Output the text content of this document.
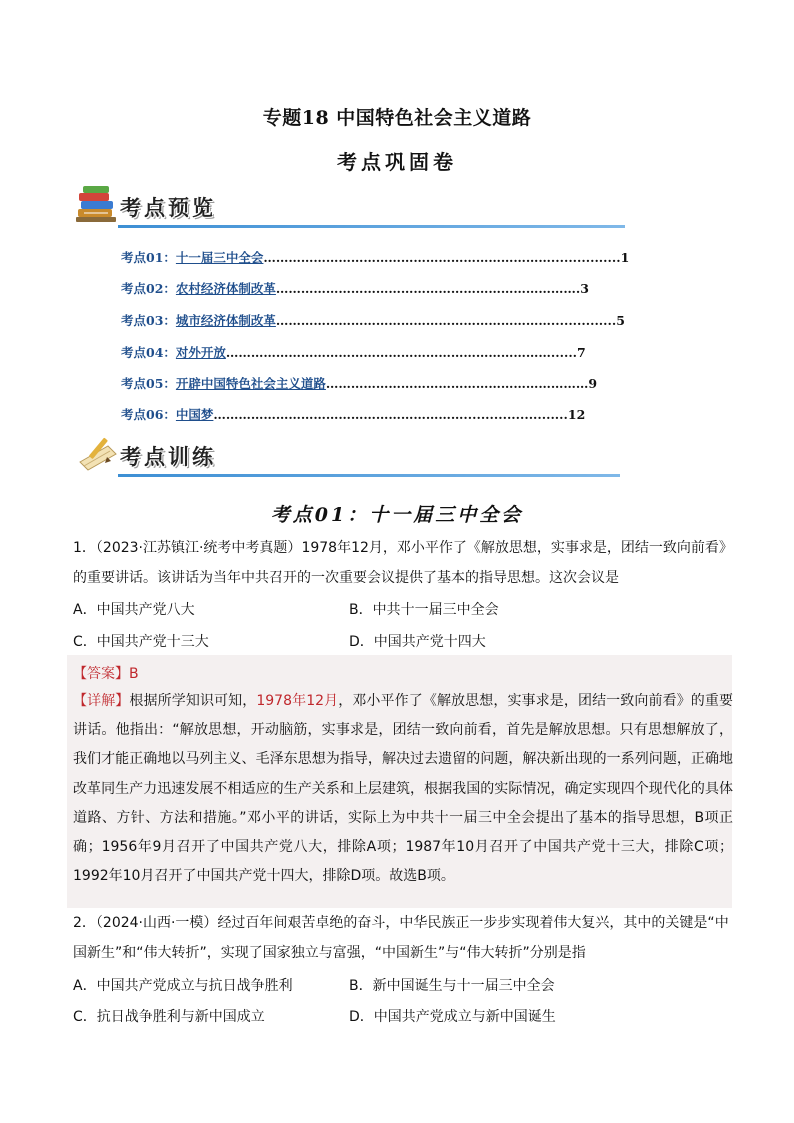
专题18 中国特色社会主义道路
考点巩固卷
考点预览
考点01：十一届三中全会……………………………………………………………................1
考点02：农村经济体制改革……………………………………………………………….3
考点03：城市经济体制改革…………………………………………………………...............5
考点04：对外开放……………………………………………………………………......7
考点05：开辟中国特色社会主义道路………………………………………………………9
考点06：中国梦……………………………………………………........................12
考点训练
考点01：十一届三中全会
1．（2023·江苏镇江·统考中考真题）1978年12月，邓小平作了《解放思想，实事求是，团结一致向前看》的重要讲话。该讲话为当年中共召开的一次重要会议提供了基本的指导思想。这次会议是
A．中国共产党八大	B．中共十一届三中全会
C．中国共产党十三大	D．中国共产党十四大
【答案】B
【详解】根据所学知识可知，1978年12月，邓小平作了《解放思想，实事求是，团结一致向前看》的重要讲话。他指出：“解放思想，开动脑筋，实事求是，团结一致向前看，首先是解放思想。只有思想解放了，我们才能正确地以马列主义、毛泽东思想为指导，解决过去遗留的问题，解决新出现的一系列问题，正确地改革同生产力迅速发展不相适应的生产关系和上层建筑，根据我国的实际情况，确定实现四个现代化的具体道路、方针、方法和措施。”邓小平的讲话，实际上为中共十一届三中全会提出了基本的指导思想，B项正确；1956年9月召开了中国共产党八大，排除A项；1987年10月召开了中国共产党十三大，排除C项；1992年10月召开了中国共产党十四大，排除D项。故选B项。
2．（2024·山西·一模）经过百年间艰苦卓绝的奋斗，中华民族正一步步实现着伟大复兴，其中的关键是“中国新生”和“伟大转折”，实现了国家独立与富强，“中国新生”与“伟大转折”分别是指
A．中国共产党成立与抗日战争胜利	B．新中国诞生与十一届三中全会
C．抗日战争胜利与新中国成立	D．中国共产党成立与新中国诞生
